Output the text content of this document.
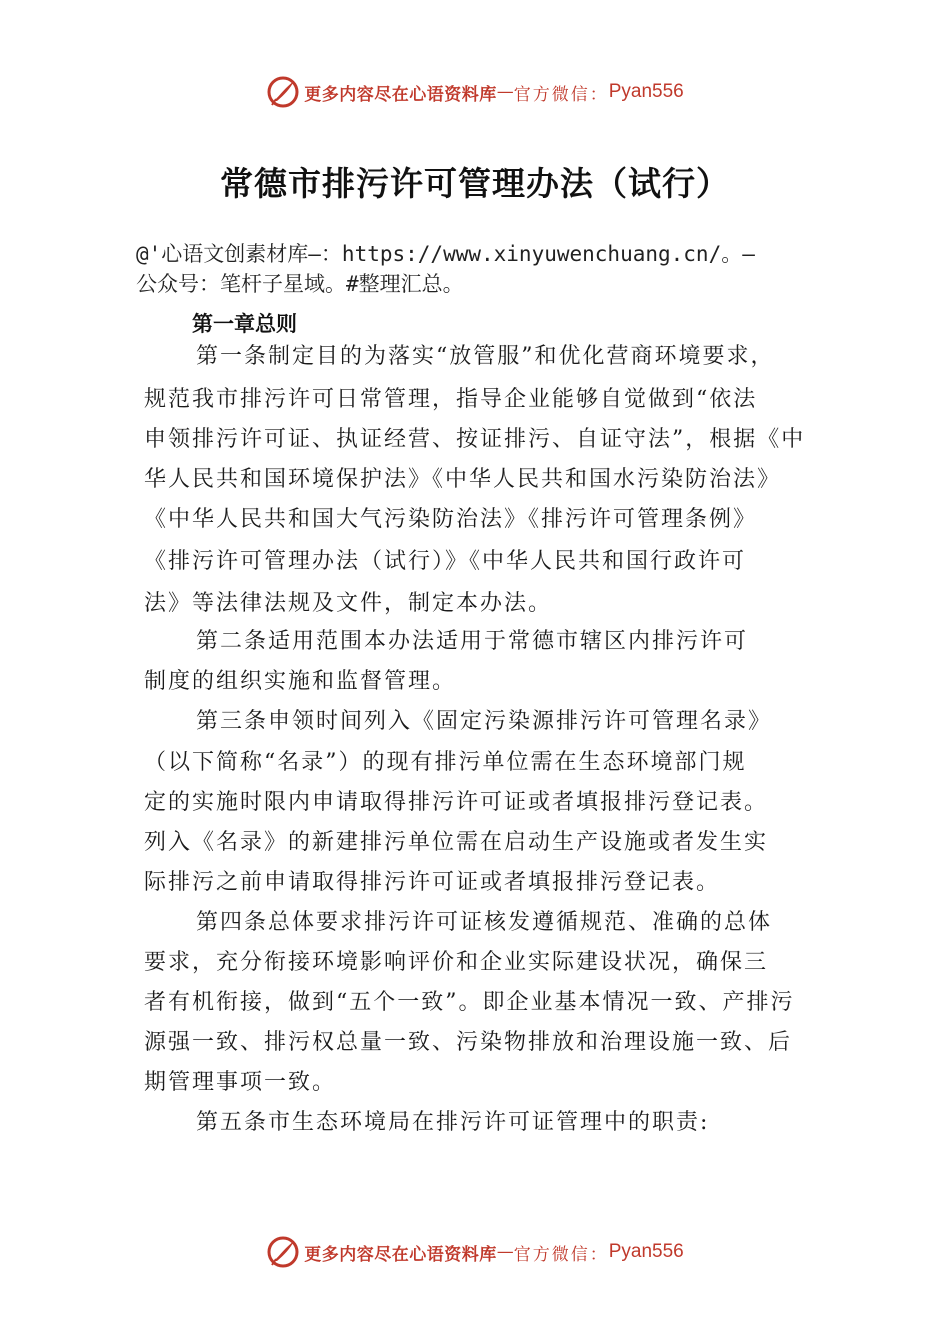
更多内容尽在心语资料库 — 官方微信： Pyan556
常德市排污许可管理办法（试行）
@'心语文创素材库—：https://www.xinyuwenchuang.cn/。—
公众号：笔杆子星域。#整理汇总。
第一章总则
第一条制定目的为落实“放管服”和优化营商环境要求，
规范我市排污许可日常管理，指导企业能够自觉做到“依法
申领排污许可证、执证经营、按证排污、自证守法”，根据《中
华人民共和国环境保护法》《中华人民共和国水污染防治法》
《中华人民共和国大气污染防治法》《排污许可管理条例》
《排污许可管理办法（试行）》《中华人民共和国行政许可
法》等法律法规及文件，制定本办法。
第二条适用范围本办法适用于常德市辖区内排污许可
制度的组织实施和监督管理。
第三条申领时间列入《固定污染源排污许可管理名录》
（以下简称“名录”）的现有排污单位需在生态环境部门规
定的实施时限内申请取得排污许可证或者填报排污登记表。
列入《名录》的新建排污单位需在启动生产设施或者发生实
际排污之前申请取得排污许可证或者填报排污登记表。
第四条总体要求排污许可证核发遵循规范、准确的总体
要求，充分衔接环境影响评价和企业实际建设状况，确保三
者有机衔接，做到“五个一致”。即企业基本情况一致、产排污
源强一致、排污权总量一致、污染物排放和治理设施一致、后
期管理事项一致。
第五条市生态环境局在排污许可证管理中的职责:
更多内容尽在心语资料库 — 官方微信： Pyan556
